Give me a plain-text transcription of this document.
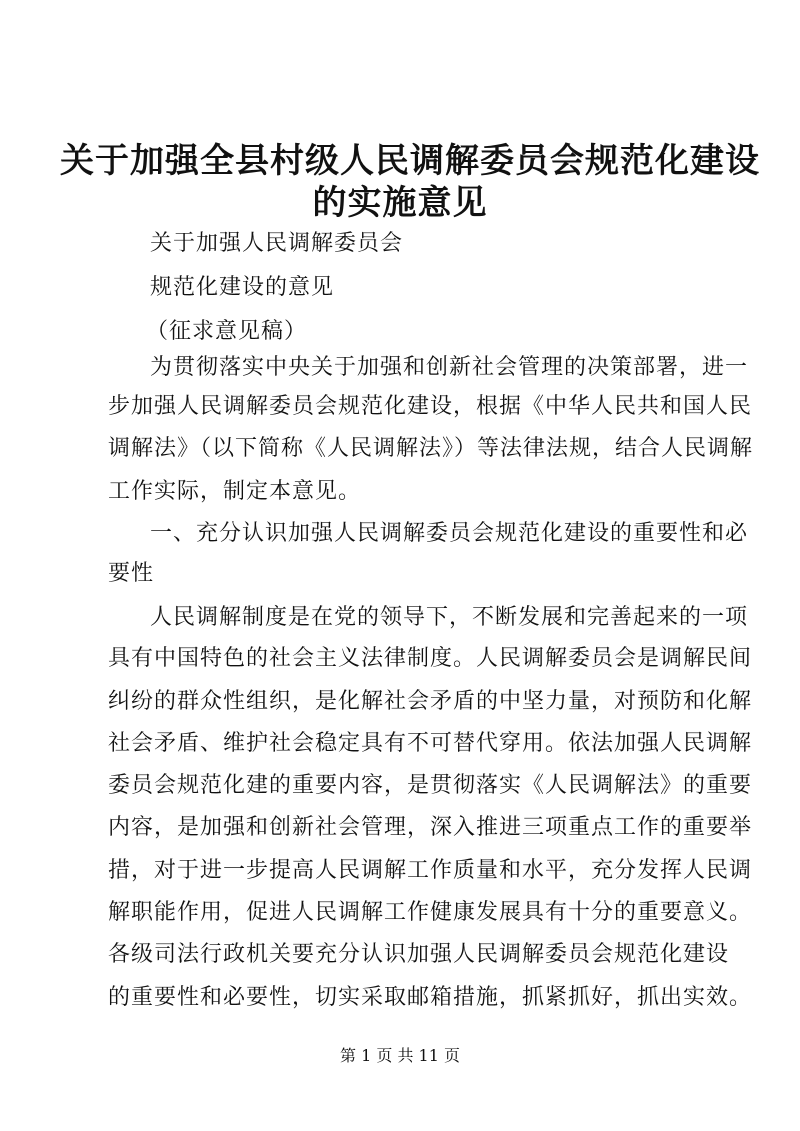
关于加强全县村级人民调解委员会规范化建设
的实施意见
关于加强人民调解委员会
规范化建设的意见
（征求意见稿）
为贯彻落实中央关于加强和创新社会管理的决策部署，进一
步加强人民调解委员会规范化建设，根据《中华人民共和国人民
调解法》（以下简称《人民调解法》）等法律法规，结合人民调解
工作实际，制定本意见。
一、充分认识加强人民调解委员会规范化建设的重要性和必
要性
人民调解制度是在党的领导下，不断发展和完善起来的一项
具有中国特色的社会主义法律制度。人民调解委员会是调解民间
纠纷的群众性组织，是化解社会矛盾的中坚力量，对预防和化解
社会矛盾、维护社会稳定具有不可替代穿用。依法加强人民调解
委员会规范化建的重要内容，是贯彻落实《人民调解法》的重要
内容，是加强和创新社会管理，深入推进三项重点工作的重要举
措，对于进一步提高人民调解工作质量和水平，充分发挥人民调
解职能作用，促进人民调解工作健康发展具有十分的重要意义。
各级司法行政机关要充分认识加强人民调解委员会规范化建设
的重要性和必要性，切实采取邮箱措施，抓紧抓好，抓出实效。
第 1 页 共 11 页
